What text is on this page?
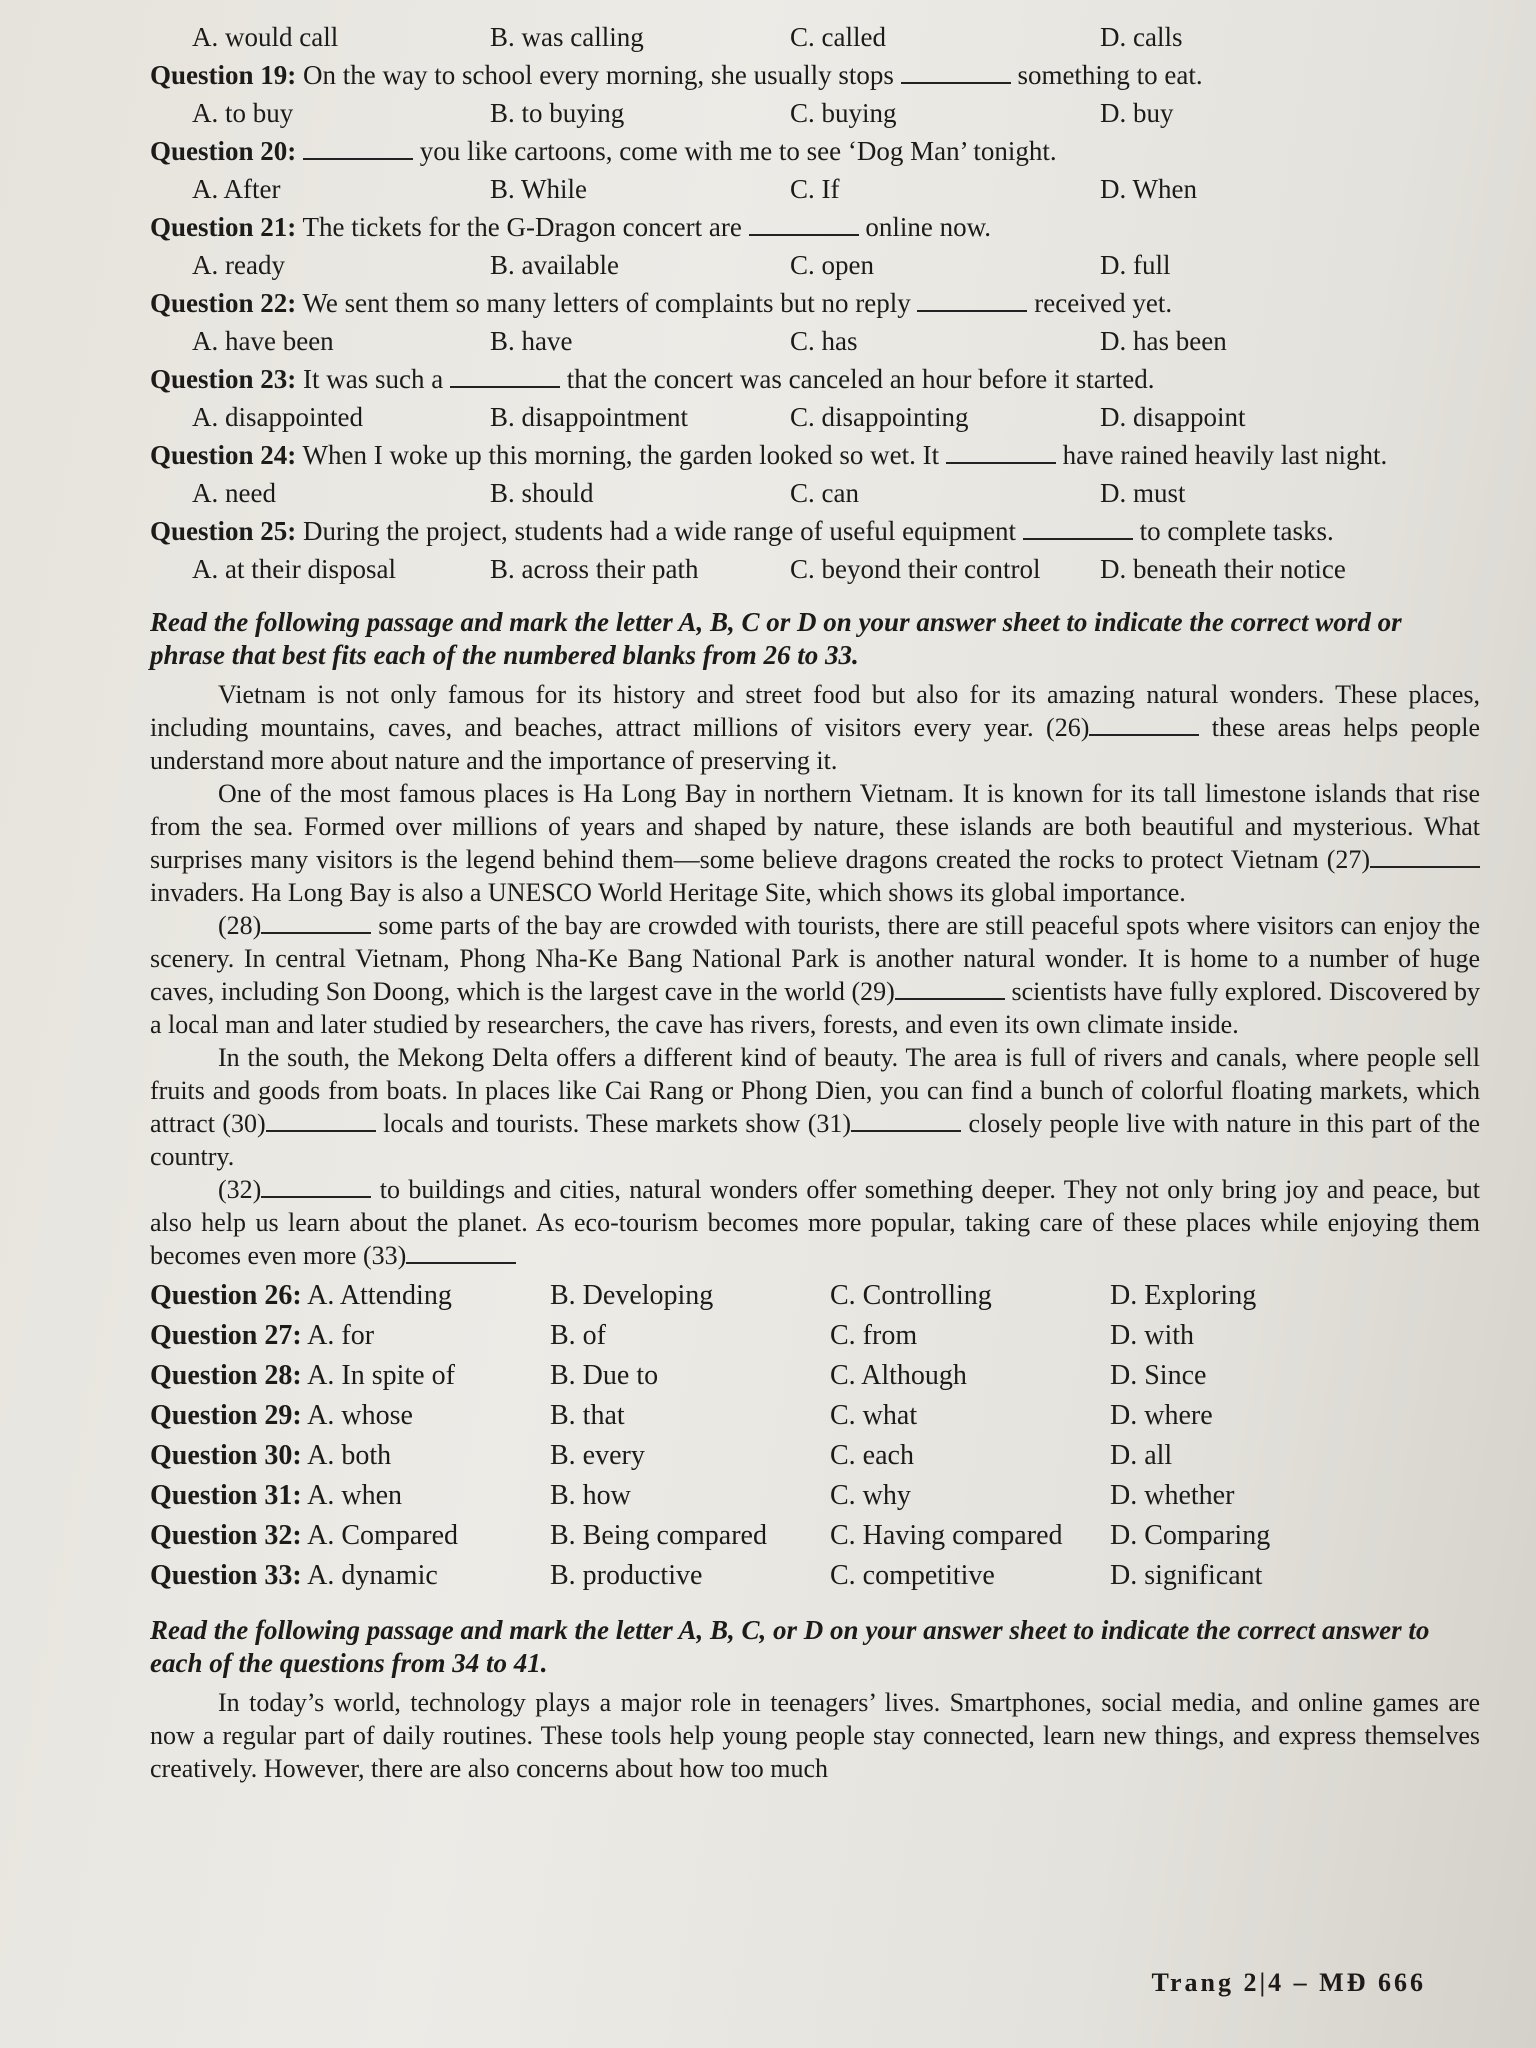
A. would call	B. was calling	C. called	D. calls
Question 19: On the way to school every morning, she usually stops	something to eat.
A. to buy	B. to buying	C. buying	D. buy
Question 20:	you like cartoons, come with me to see ‘Dog Man’ tonight.
A. After	B. While	C. If	D. When
Question 21: The tickets for the G-Dragon concert are	online now.
A. ready	B. available	C. open	D. full
Question 22: We sent them so many letters of complaints but no reply	received yet.
A. have been	B. have	C. has	D. has been
Question 23: It was such a	that the concert was canceled an hour before it started.
A. disappointed	B. disappointment	C. disappointing	D. disappoint
Question 24: When I woke up this morning, the garden looked so wet. It	have rained heavily last night.
A. need	B. should	C. can	D. must
Question 25: During the project, students had a wide range of useful equipment	to complete tasks.
A. at their disposal	B. across their path	C. beyond their control D. beneath their notice
Read the following passage and mark the letter A, B, C or D on your answer sheet to indicate the correct word or phrase that best fits each of the numbered blanks from 26 to 33.

Vietnam is not only famous for its history and street food but also for its amazing natural wonders. These places, including mountains, caves, and beaches, attract millions of visitors every year. (26)	these areas helps people understand more about nature and the importance of preserving it.

One of the most famous places is Ha Long Bay in northern Vietnam. It is known for its tall limestone islands that rise from the sea. Formed over millions of years and shaped by nature, these islands are both beautiful and mysterious. What surprises many visitors is the legend behind them—some believe dragons created the rocks to protect Vietnam (27) invaders. Ha Long Bay is also a UNESCO World Heritage Site, which shows its global importance.

(28)	some parts of the bay are crowded with tourists, there are still peaceful spots where visitors can enjoy the scenery. In central Vietnam, Phong Nha-Ke Bang National Park is another natural wonder. It is home to a number of huge caves, including Son Doong, which is the largest cave in the world (29)	scientists have fully explored. Discovered by a local man and later studied by researchers, the cave has rivers, forests, and even its own climate inside.

In the south, the Mekong Delta offers a different kind of beauty. The area is full of rivers and canals, where people sell fruits and goods from boats. In places like Cai Rang or Phong Dien, you can find a bunch of colorful floating markets, which attract (30)	locals and tourists. These markets show (31)	closely people live with nature in this part of the country.

(32)	to buildings and cities, natural wonders offer something deeper. They not only bring joy and peace, but also help us learn about the planet. As eco-tourism becomes more popular, taking care of these places while enjoying them becomes even more (33)

Question 26: A. Attending	B. Developing	C. Controlling	D. Exploring
Question 27: A. for	B. of	C. from	D. with
Question 28: A. In spite of	B. Due to	C. Although	D. Since
Question 29: A. whose	B. that	C. what	D. where
Question 30: A. both	B. every	C. each	D. all
Question 31: A. when	B. how	C. why	D. whether
Question 32: A. Compared	B. Being compared C. Having compared D. Comparing
Question 33: A. dynamic	B. productive	C. competitive	D. significant
Read the following passage and mark the letter A, B, C, or D on your answer sheet to indicate the correct answer to each of the questions from 34 to 41.

In today’s world, technology plays a major role in teenagers’ lives. Smartphones, social media, and online games are now a regular part of daily routines. These tools help young people stay connected, learn new things, and express themselves creatively. However, there are also concerns about how too much

Trang 2|4 – MĐ 666
